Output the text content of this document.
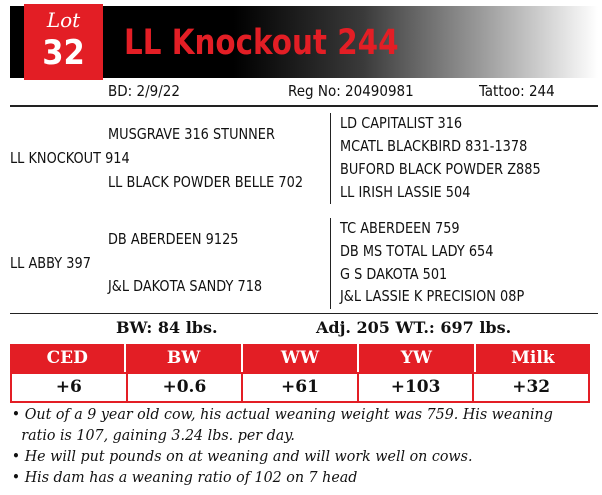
Lot
32	LL Knockout 244
BD: 2/9/22	Reg No: 20490981	Tattoo: 244
MUSGRAVE 316 STUNNER
LL KNOCKOUT 914
LL BLACK POWDER BELLE 702
LD CAPITALIST 316
MCATL BLACKBIRD 831-1378
BUFORD BLACK POWDER Z885
LL IRISH LASSIE 504
DB ABERDEEN 9125
LL ABBY 397
J&L DAKOTA SANDY 718
TC ABERDEEN 759
DB MS TOTAL LADY 654
G S DAKOTA 501
J&L LASSIE K PRECISION 08P
BW: 84 lbs.	Adj. 205 WT.: 697 lbs.
CED	BW	WW	YW	Milk
+6	+0.6	+61	+103	+32
• Out of a 9 year old cow, his actual weaning weight was 759. His weaning ratio is 107, gaining 3.24 lbs. per day.
• He will put pounds on at weaning and will work well on cows.
• His dam has a weaning ratio of 102 on 7 head
